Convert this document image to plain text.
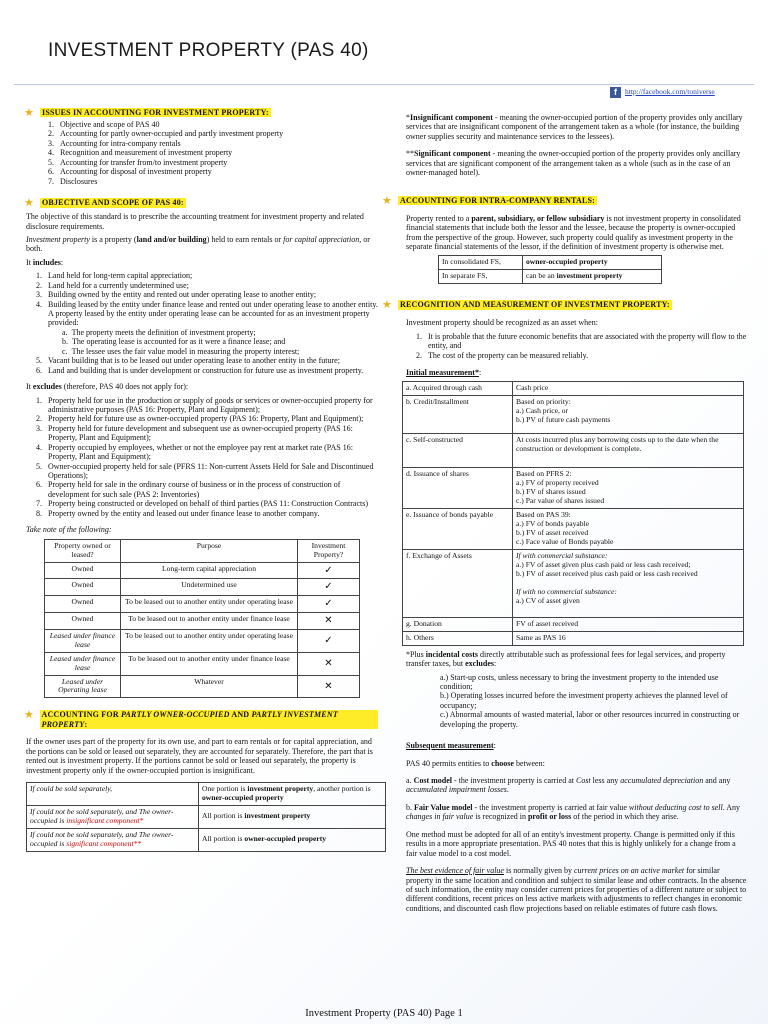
INVESTMENT PROPERTY (PAS 40)
f	http://facebook.com/toniverse
★	ISSUES IN ACCOUNTING FOR INVESTMENT PROPERTY:
1.   Objective and scope of PAS 40
2.   Accounting for partly owner-occupied and partly investment property
3.   Accounting for intra-company rentals
4.   Recognition and measurement of investment property
5.   Accounting for transfer from/to investment property
6.   Accounting for disposal of investment property
7.   Disclosures
★	OBJECTIVE AND SCOPE OF PAS 40:

The objective of this standard is to prescribe the accounting treatment for investment property and related disclosure requirements.

Investment property is a property (land and/or building) held to earn rentals or for capital appreciation, or both.

It includes:

1. Land held for long-term capital appreciation;
2. Land held for a currently undetermined use;
3. Building owned by the entity and rented out under operating lease to another entity;
4. Building leased by the entity under finance lease and rented out under operating lease to another entity. A property leased by the entity under operating lease can be accounted for as an investment property provided:
a. The property meets the definition of investment property;
b. The operating lease is accounted for as it were a finance lease; and
c. The lessee uses the fair value model in measuring the property interest;
5. Vacant building that is to be leased out under operating lease to another entity in the future;
6. Land and building that is under development or construction for future use as investment property.

It excludes (therefore, PAS 40 does not apply for):

1. Property held for use in the production or supply of goods or services or owner-occupied property for administrative purposes (PAS 16: Property, Plant and Equipment);
2. Property held for future use as owner-occupied property (PAS 16: Property, Plant and Equipment);
3. Property held for future development and subsequent use as owner-occupied property (PAS 16: Property, Plant and Equipment);
4. Property occupied by employees, whether or not the employee pay rent at market rate (PAS 16: Property, Plant and Equipment);
5. Owner-occupied property held for sale (PFRS 11: Non-current Assets Held for Sale and Discontinued Operations);
6. Property held for sale in the ordinary course of business or in the process of construction of development for such sale (PAS 2: Inventories)
7. Property being constructed or developed on behalf of third parties (PAS 11: Construction Contracts)
8. Property owned by the entity and leased out under finance lease to another company.

Take note of the following:

Property owned or leased?	Purpose	Investment Property?
Owned	Long-term capital appreciation	✓
Owned	Undetermined use	✓
Owned	To be leased out to another entity under operating lease	✓
Owned	To be leased out to another entity under finance lease	✕
Leased under finance lease	To be leased out to another entity under operating lease	✓
Leased under finance lease	To be leased out to another entity under finance lease	✕
Leased under Operating lease	Whatever	✕
★ ACCOUNTING FOR PARTLY OWNER-OCCUPIED AND PARTLY INVESTMENT PROPERTY:

If the owner uses part of the property for its own use, and part to earn rentals or for capital appreciation, and the portions can be sold or leased out separately, they are accounted for separately. Therefore, the part that is rented out is investment property. If the portions cannot be sold or leased out separately, the property is investment property only if the owner-occupied portion is insignificant.

If could be sold separately,	One portion is investment property, another portion is owner-occupied property
If could not be sold separately, and The owner-occupied is insignificant component*	All portion is investment property
If could not be sold separately, and The owner-occupied is significant component**	All portion is owner-occupied property

*Insignificant component - meaning the owner-occupied portion of the property provides only ancillary services that are insignificant component of the arrangement taken as a whole (for instance, the building owner supplies security and maintenance services to the lessees).

**Significant component - meaning the owner-occupied portion of the property provides only ancillary services that are significant component of the arrangement taken as a whole (such as in the case of an owner-managed hotel).

★	ACCOUNTING FOR INTRA-COMPANY RENTALS:

Property rented to a parent, subsidiary, or fellow subsidiary is not investment property in consolidated financial statements that include both the lessor and the lessee, because the property is owner-occupied from the perspective of the group. However, such property could qualify as investment property in the separate financial statements of the lessor, if the definition of investment property is otherwise met.

In consolidated FS,	owner-occupied property
In separate FS,	can be an investment property
★	RECOGNITION AND MEASUREMENT OF INVESTMENT PROPERTY:

Investment property should be recognized as an asset when:

1. It is probable that the future economic benefits that are associated with the property will flow to the entity, and
2. The cost of the property can be measured reliably.

Initial measurement*:

a. Acquired through cash	Cash price
b. Credit/Installment	Based on priority:
a.) Cash price, or
b.) PV of future cash payments
c. Self-constructed	At costs incurred plus any borrowing costs up to the date when the construction or development is complete.
d. Issuance of shares	Based on PFRS 2:
a.) FV of property received
b.) FV of shares issued
c.) Par value of shares issued
e. Issuance of bonds payable	Based on PAS 39:
a.) FV of bonds payable
b.) FV of asset received
c.) Face value of Bonds payable
f. Exchange of Assets	If with commercial substance:
a.) FV of asset given plus cash paid or less cash received;
b.) FV of asset received plus cash paid or less cash received

If with no commercial substance:
a.) CV of asset given

g. Donation	FV of asset received
h. Others	Same as PAS 16

*Plus incidental costs directly attributable such as professional fees for legal services, and property transfer taxes, but excludes:

a.) Start-up costs, unless necessary to bring the investment property to the intended use condition;
b.) Operating losses incurred before the investment property achieves the planned level of occupancy;
c.) Abnormal amounts of wasted material, labor or other resources incurred in constructing or developing the property.

Subsequent measurement:

PAS 40 permits entities to choose between:

a. Cost model - the investment property is carried at Cost less any accumulated depreciation and any accumulated impairment losses.

b. Fair Value model - the investment property is carried at fair value without deducting cost to sell. Any changes in fair value is recognized in profit or loss of the period in which they arise.

One method must be adopted for all of an entity's investment property. Change is permitted only if this results in a more appropriate presentation. PAS 40 notes that this is highly unlikely for a change from a fair value model to a cost model.

The best evidence of fair value is normally given by current prices on an active market for similar property in the same location and condition and subject to similar lease and other contracts. In the absence of such information, the entity may consider current prices for properties of a different nature or subject to different conditions, recent prices on less active markets with adjustments to reflect changes in economic conditions, and discounted cash flow projections based on reliable estimates of future cash flows.

Investment Property (PAS 40) Page 1
